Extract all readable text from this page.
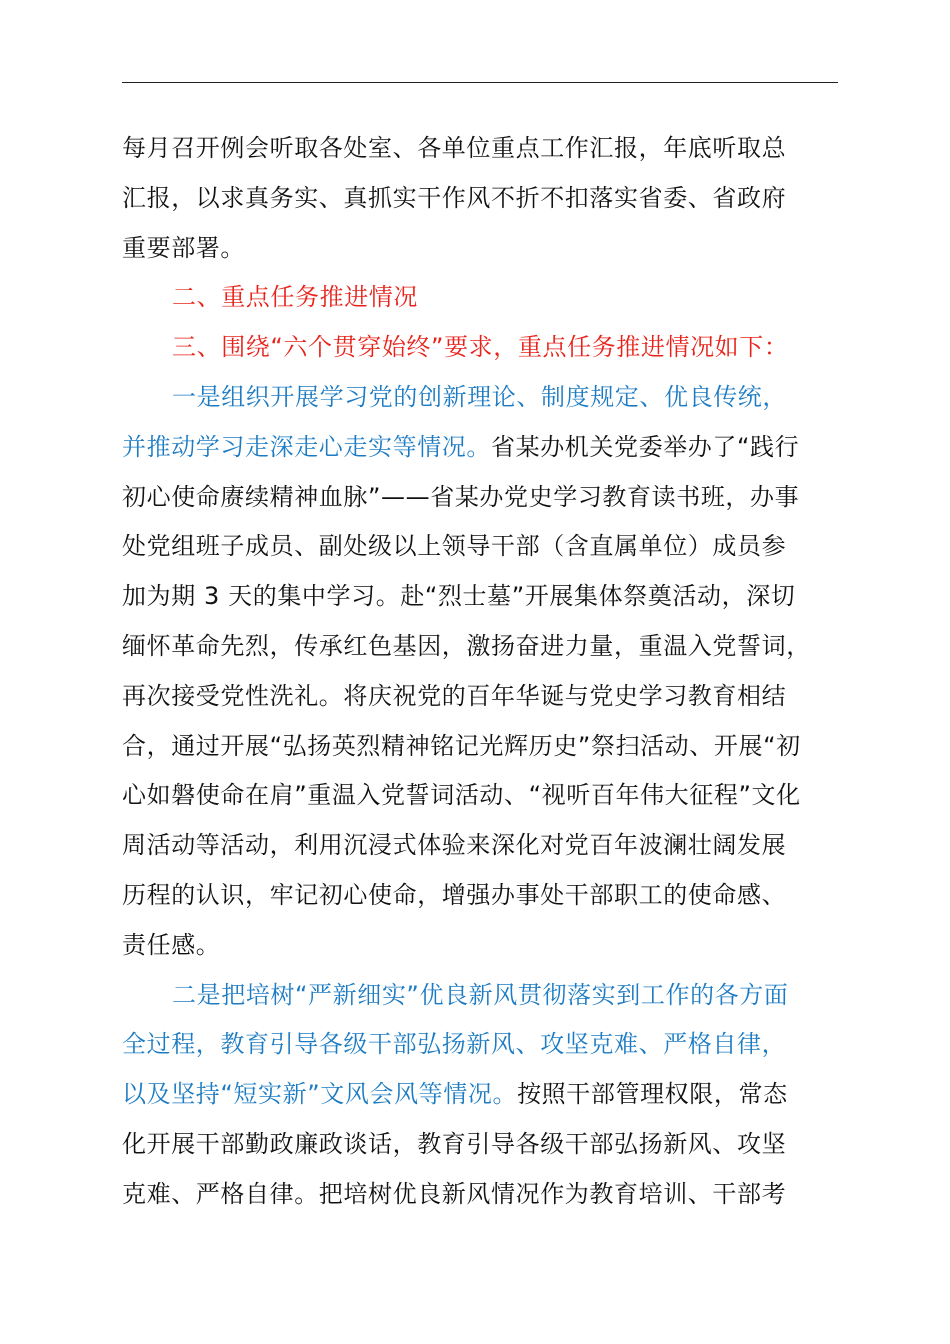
每月召开例会听取各处室、各单位重点工作汇报，年底听取总
汇报，以求真务实、真抓实干作风不折不扣落实省委、省政府
重要部署。
二、重点任务推进情况
三、围绕“六个贯穿始终”要求，重点任务推进情况如下：
一是组织开展学习党的创新理论、制度规定、优良传统，
并推动学习走深走心走实等情况。省某办机关党委举办了“践行
初心使命赓续精神血脉”——省某办党史学习教育读书班，办事
处党组班子成员、副处级以上领导干部（含直属单位）成员参
加为期 3 天的集中学习。赴“烈士墓”开展集体祭奠活动，深切
缅怀革命先烈，传承红色基因，激扬奋进力量，重温入党誓词，
再次接受党性洗礼。将庆祝党的百年华诞与党史学习教育相结
合，通过开展“弘扬英烈精神铭记光辉历史”祭扫活动、开展“初
心如磐使命在肩”重温入党誓词活动、“视听百年伟大征程”文化
周活动等活动，利用沉浸式体验来深化对党百年波澜壮阔发展
历程的认识，牢记初心使命，增强办事处干部职工的使命感、
责任感。
二是把培树“严新细实”优良新风贯彻落实到工作的各方面
全过程，教育引导各级干部弘扬新风、攻坚克难、严格自律，
以及坚持“短实新”文风会风等情况。按照干部管理权限，常态
化开展干部勤政廉政谈话，教育引导各级干部弘扬新风、攻坚
克难、严格自律。把培树优良新风情况作为教育培训、干部考
